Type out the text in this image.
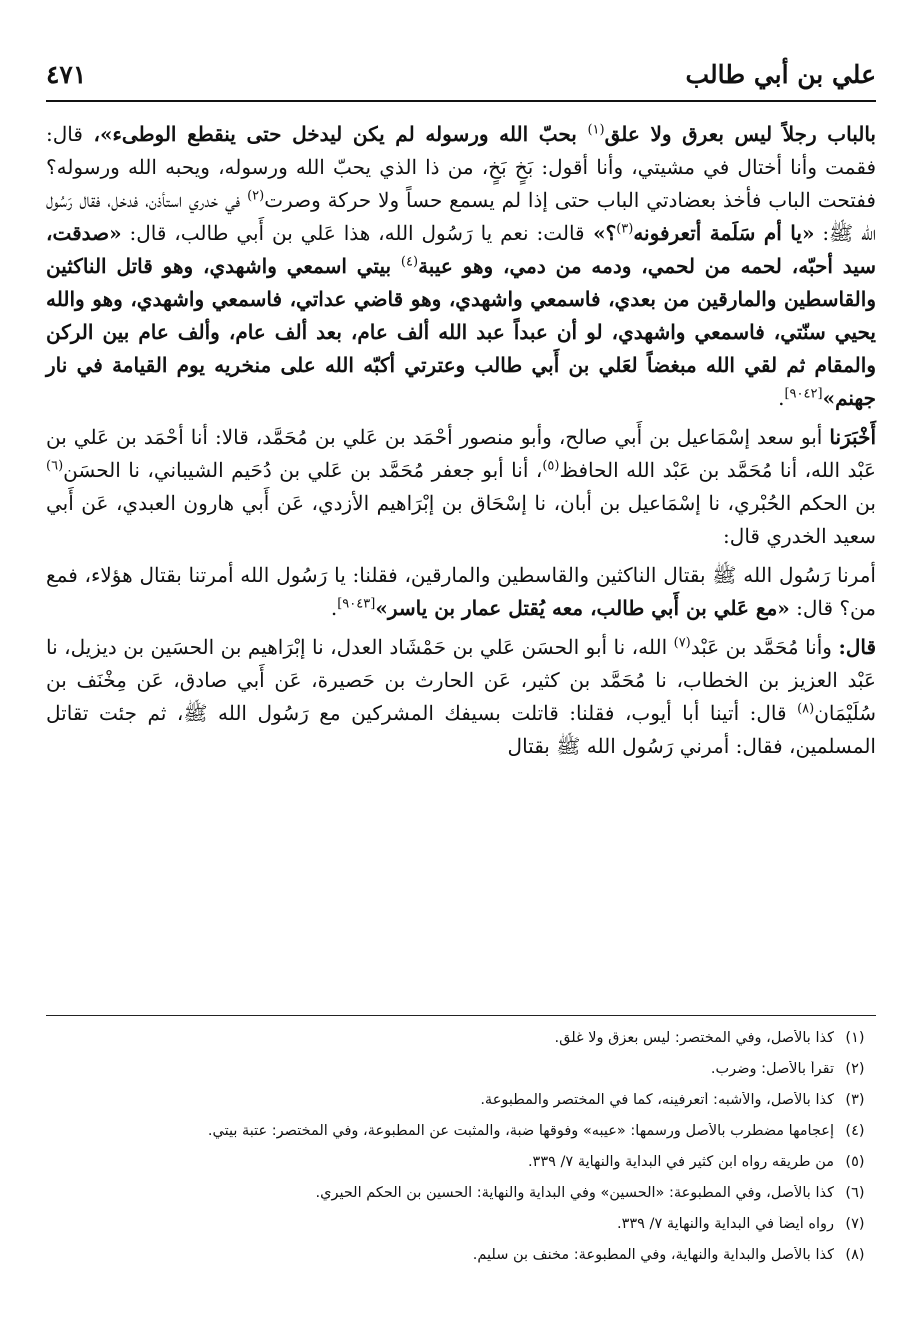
علي بن أبي طالب
٤٧١

بالباب رجلاً ليس بعرق ولا علق$^{(١)}$ بحبّ الله ورسوله لم يكن ليدخل حتى ينقطع الوطىء»، قال: فقمت وأنا أختال في مشيتي، وأنا أقول: بَخٍ بَخٍ، من ذا الذي يحبّ الله ورسوله، ويحبه الله ورسوله؟ ففتحت الباب فأخذ بعضادتي الباب حتى إذا لم يسمع حساً ولا حركة وصرت$^{(٢)}$ في خدري استأذن، فدخل، فقال رَسُول الله ﷺ: «يا أم سَلَمة أتعرفونه$^{(٣)}$؟» قالت: نعم يا رَسُول الله، هذا عَلي بن أَبي طالب، قال: «صدقت، سيد أحبّه، لحمه من لحمي، ودمه من دمي، وهو عيبة$^{(٤)}$ بيتي اسمعي واشهدي، وهو قاتل الناكثين والقاسطين والمارقين من بعدي، فاسمعي واشهدي، وهو قاضي عداتي، فاسمعي واشهدي، وهو والله يحيي سنّتي، فاسمعي واشهدي، لو أن عبداً عبد الله ألف عام، بعد ألف عام، وألف عام بين الركن والمقام ثم لقي الله مبغضاً لعَلي بن أَبي طالب وعترتي أكبّه الله على منخريه يوم القيامة في نار جهنم»[٩٠٤٢].

أَخْبَرَنا أبو سعد إسْمَاعيل بن أَبي صالح، وأبو منصور أحْمَد بن عَلي بن مُحَمَّد، قالا: أنا أحْمَد بن عَلي بن عَبْد الله، أنا مُحَمَّد بن عَبْد الله الحافظ$^{(٥)}$، أنا أبو جعفر مُحَمَّد بن عَلي بن دُحَيم الشيباني، نا الحسَن$^{(٦)}$ بن الحكم الحُبْري، نا إسْمَاعيل بن أبان، نا إسْحَاق بن إبْرَاهيم الأزدي، عَن أَبي هارون العبدي، عَن أَبي سعيد الخدري قال:

أمرنا رَسُول الله ﷺ بقتال الناكثين والقاسطين والمارقين، فقلنا: يا رَسُول الله أمرتنا بقتال هؤلاء، فمع من؟ قال: «مع عَلي بن أَبي طالب، معه يُقتل عمار بن ياسر»[٩٠٤٣].

قال: وأنا مُحَمَّد بن عَبْد$^{(٧)}$ الله، نا أبو الحسَن عَلي بن حَمْشَاد العدل، نا إبْرَاهيم بن الحسَين بن ديزيل، نا عَبْد العزيز بن الخطاب، نا مُحَمَّد بن كثير، عَن الحارث بن حَصيرة، عَن أَبي صادق، عَن مِخْنَف بن سُلَيْمَان$^{(٨)}$ قال: أتينا أبا أيوب، فقلنا: قاتلت بسيفك المشركين مع رَسُول الله ﷺ، ثم جئت تقاتل المسلمين، فقال: أمرني رَسُول الله ﷺ بقتال

(١)
كذا بالأصل، وفي المختصر: ليس بعزق ولا غلق.
(٢)
تقرأ بالأصل: وضرب.
(٣)
كذا بالأصل، والأشبه: أتعرفينه، كما في المختصر والمطبوعة.
(٤)
إعجامها مضطرب بالأصل ورسمها: «عيبه» وفوقها ضبة، والمثبت عن المطبوعة، وفي المختصر: عتبة بيتي.
(٥)
من طريقه رواه ابن كثير في البداية والنهاية ٧/ ٣٣٩.
(٦)
كذا بالأصل، وفي المطبوعة: «الحسين» وفي البداية والنهاية: الحسين بن الحكم الحيري.
(٧)
رواه أيضاً في البداية والنهاية ٧/ ٣٣٩.
(٨)
كذا بالأصل والبداية والنهاية، وفي المطبوعة: مخنف بن سليم.
